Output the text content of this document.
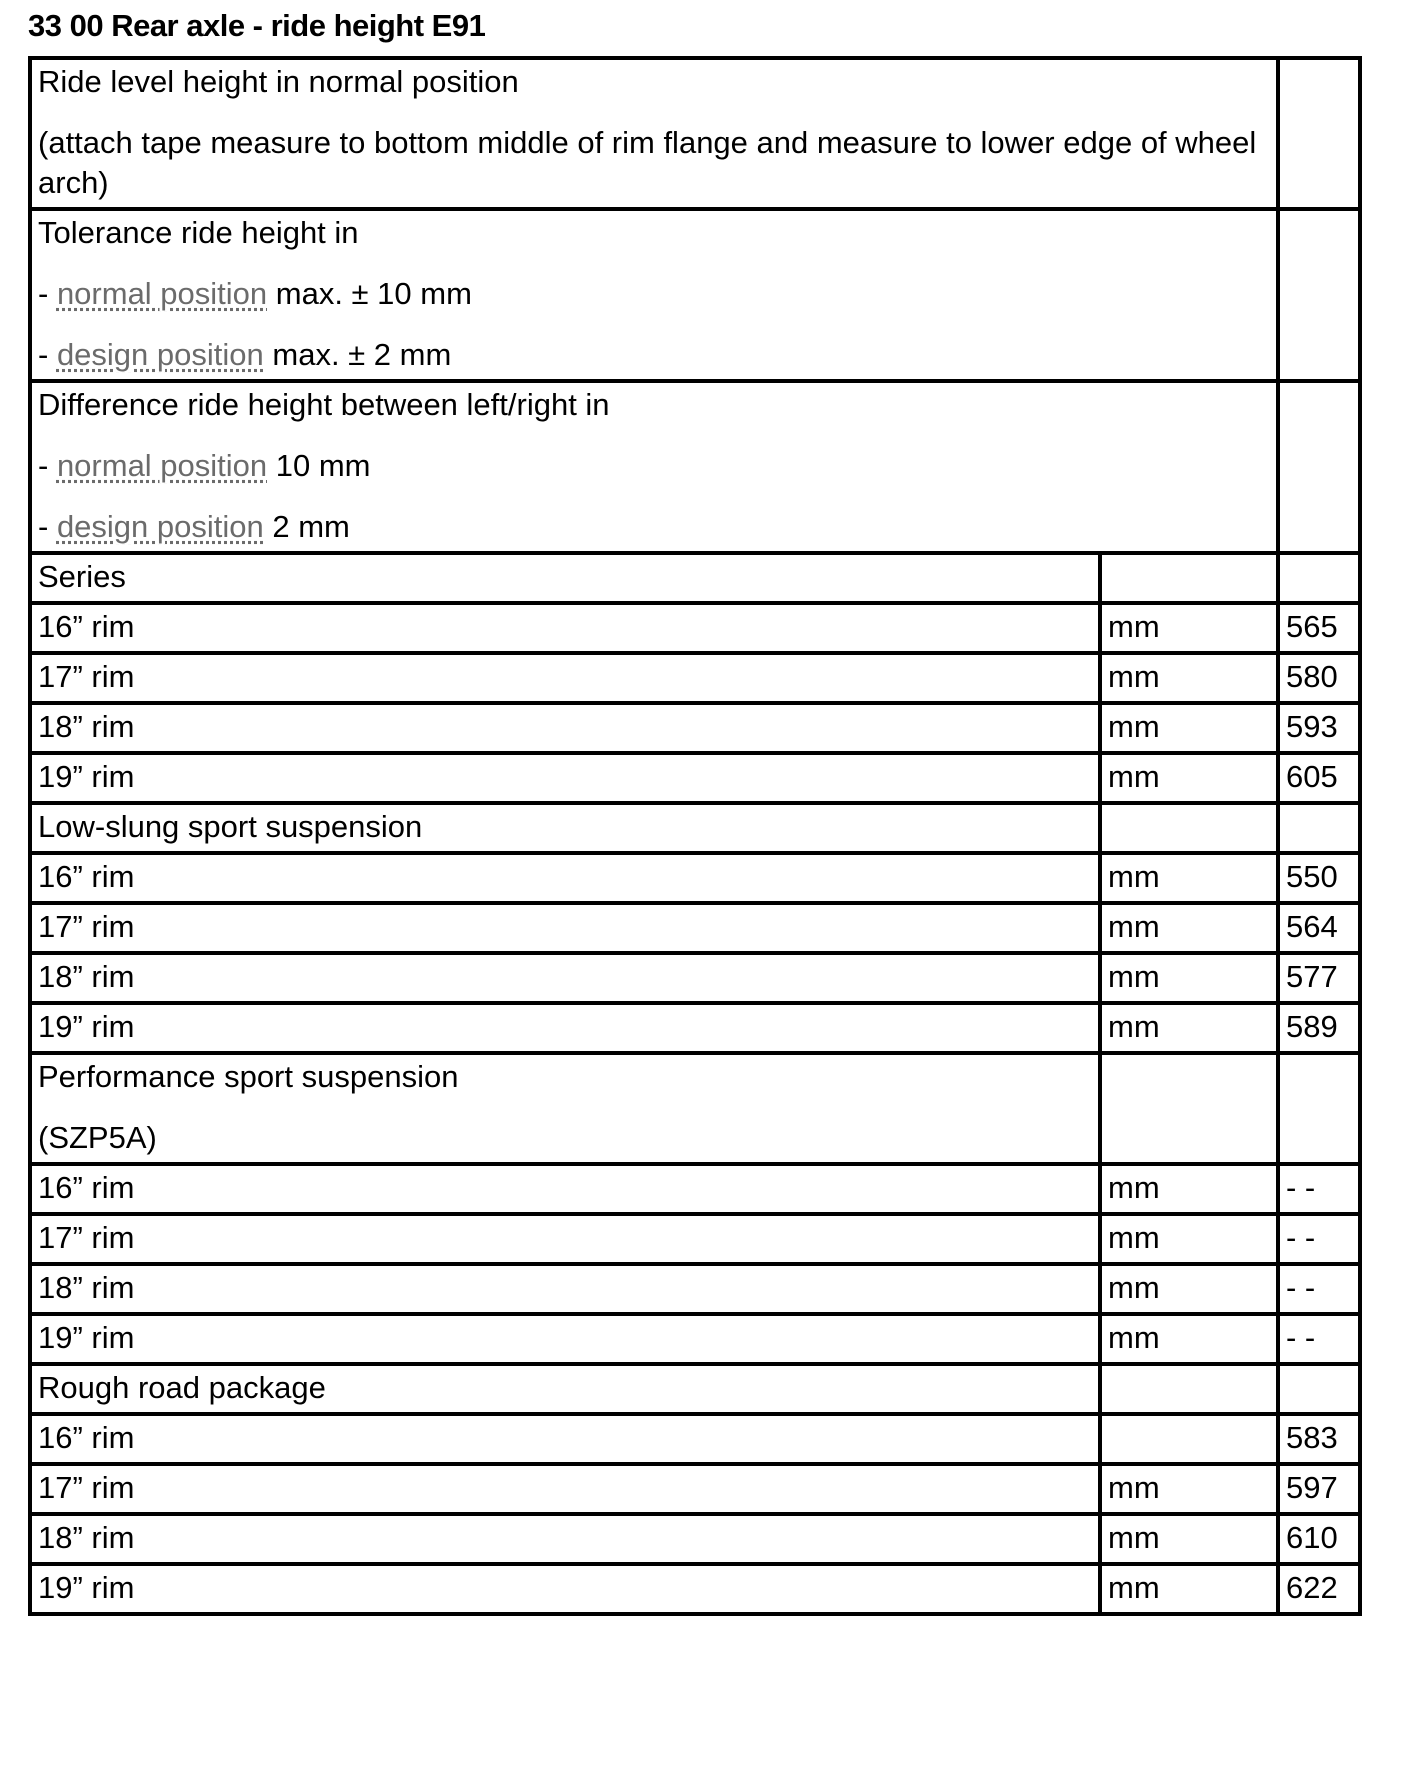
33 00 Rear axle - ride height E91
Ride level height in normal position
(attach tape measure to bottom middle of rim flange and measure to lower edge of wheel arch)		

Tolerance ride height in
- normal position max. ± 10 mm
- design position max. ± 2 mm		

Difference ride height between left/right in
- normal position 10 mm
- design position 2 mm		

Series		

16” rim	mm	565
17” rim	mm	580
18” rim	mm	593
19” rim	mm	605

Low-slung sport suspension		

16” rim	mm	550
17” rim	mm	564
18” rim	mm	577
19” rim	mm	589

Performance sport suspension
(SZP5A)		

16” rim	mm	- -
17” rim	mm	- -
18” rim	mm	- -
19” rim	mm	- -

Rough road package		

16” rim		583
17” rim	mm	597
18” rim	mm	610
19” rim	mm	622
